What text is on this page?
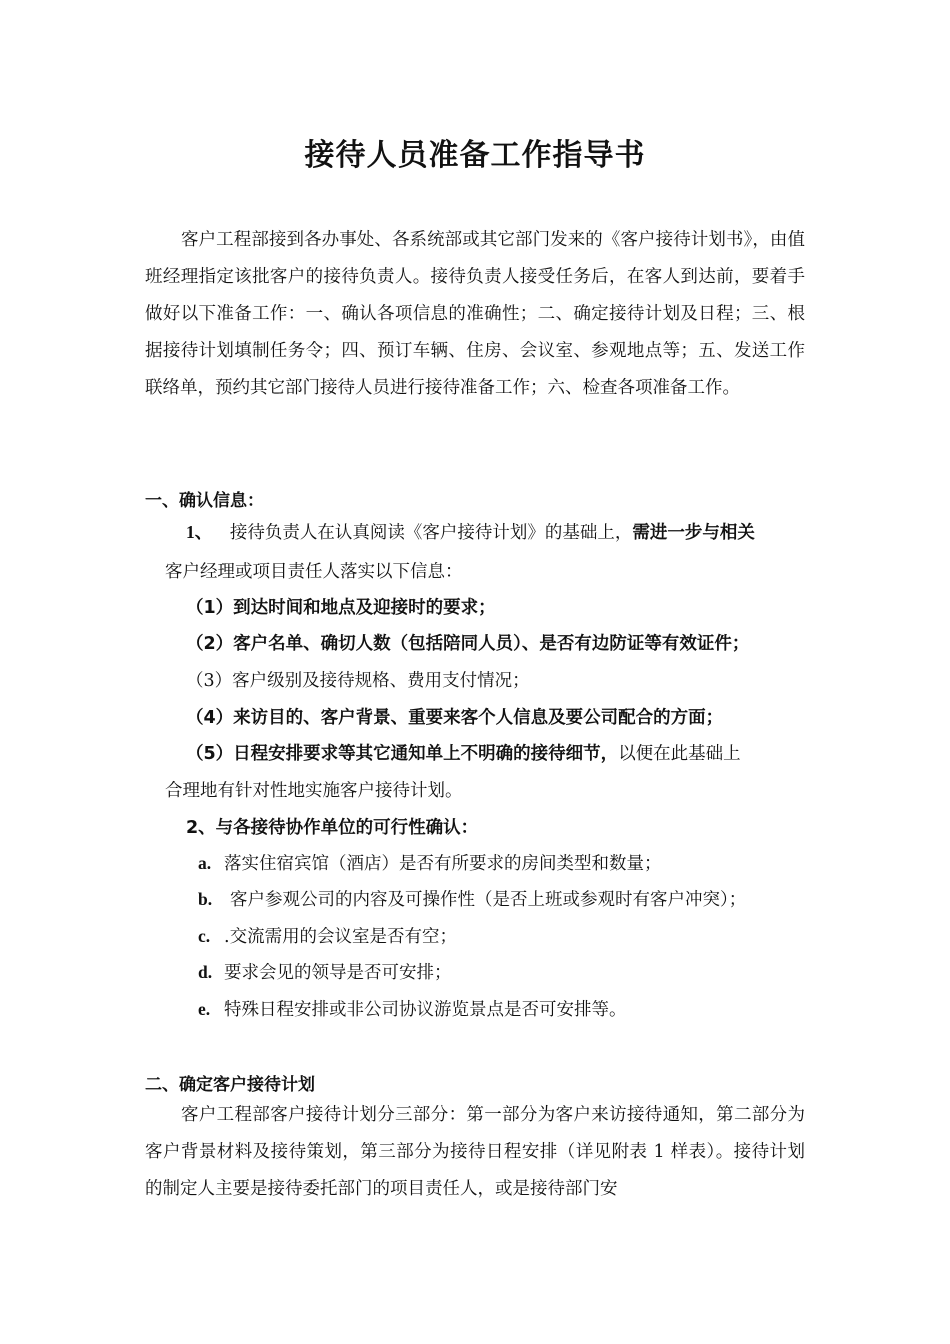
接待人员准备工作指导书

客户工程部接到各办事处、各系统部或其它部门发来的《客户接待计划书》，由值班经理指定该批客户的接待负责人。接待负责人接受任务后，在客人到达前，要着手做好以下准备工作：一、确认各项信息的准确性；二、确定接待计划及日程；三、根据接待计划填制任务令；四、预订车辆、住房、会议室、参观地点等；五、发送工作联络单，预约其它部门接待人员进行接待准备工作；六、检查各项准备工作。

一、确认信息：
1、 接待负责人在认真阅读《客户接待计划》的基础上，需进一步与相关
客户经理或项目责任人落实以下信息：
（1）到达时间和地点及迎接时的要求；
（2）客户名单、确切人数（包括陪同人员）、是否有边防证等有效证件；
（3）客户级别及接待规格、费用支付情况；
（4）来访目的、客户背景、重要来客个人信息及要公司配合的方面；
（5）日程安排要求等其它通知单上不明确的接待细节，以便在此基础上
合理地有针对性地实施客户接待计划。
2、与各接待协作单位的可行性确认：
a. 落实住宿宾馆（酒店）是否有所要求的房间类型和数量；
b. 客户参观公司的内容及可操作性（是否上班或参观时有客户冲突）；
c. .交流需用的会议室是否有空；
d. 要求会见的领导是否可安排；
e. 特殊日程安排或非公司协议游览景点是否可安排等。
二、确定客户接待计划

客户工程部客户接待计划分三部分：第一部分为客户来访接待通知，第二部分为客户背景材料及接待策划，第三部分为接待日程安排（详见附表 1 样表）。接待计划的制定人主要是接待委托部门的项目责任人，或是接待部门安
